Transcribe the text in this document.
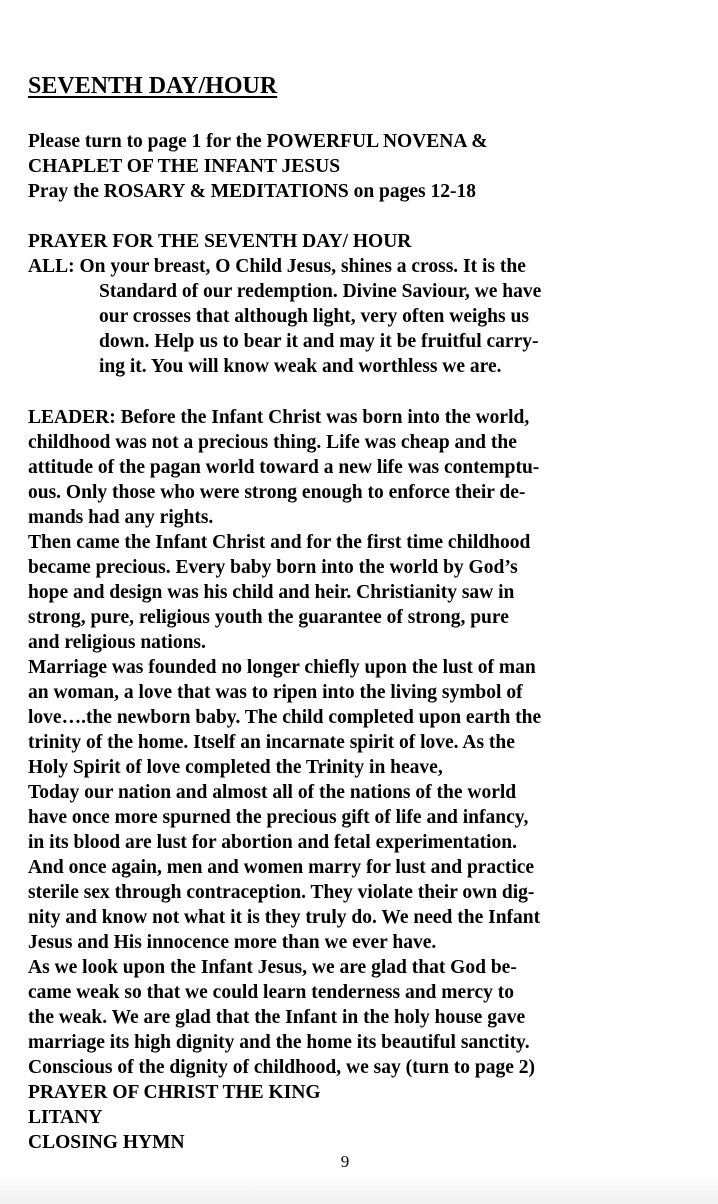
SEVENTH DAY/HOUR
Please turn to page 1 for the POWERFUL NOVENA &
CHAPLET OF THE INFANT JESUS
Pray the ROSARY & MEDITATIONS on pages 12-18
PRAYER FOR THE SEVENTH DAY/ HOUR
ALL: On your breast, O Child Jesus, shines a cross. It is the
Standard of our redemption. Divine Saviour, we have
our crosses that although light, very often weighs us
down. Help us to bear it and may it be fruitful carry-
ing it. You will know weak and worthless we are.
LEADER: Before the Infant Christ was born into the world,
childhood was not a precious thing. Life was cheap and the
attitude of the pagan world toward a new life was contemptu-
ous. Only those who were strong enough to enforce their de-
mands had any rights.
Then came the Infant Christ and for the first time childhood
became precious. Every baby born into the world by God’s
hope and design was his child and heir. Christianity saw in
strong, pure, religious youth the guarantee of strong, pure
and religious nations.
Marriage was founded no longer chiefly upon the lust of man
an woman, a love that was to ripen into the living symbol of
love….the newborn baby. The child completed upon earth the
trinity of the home. Itself an incarnate spirit of love. As the
Holy Spirit of love completed the Trinity in heave,
Today our nation and almost all of the nations of the world
have once more spurned the precious gift of life and infancy,
in its blood are lust for abortion and fetal experimentation.
And once again, men and women marry for lust and practice
sterile sex through contraception. They violate their own dig-
nity and know not what it is they truly do. We need the Infant
Jesus and His innocence more than we ever have.
As we look upon the Infant Jesus, we are glad that God be-
came weak so that we could learn tenderness and mercy to
the weak. We are glad that the Infant in the holy house gave
marriage its high dignity and the home its beautiful sanctity.
Conscious of the dignity of childhood, we say (turn to page 2)
PRAYER OF CHRIST THE KING
LITANY
CLOSING HYMN
9
